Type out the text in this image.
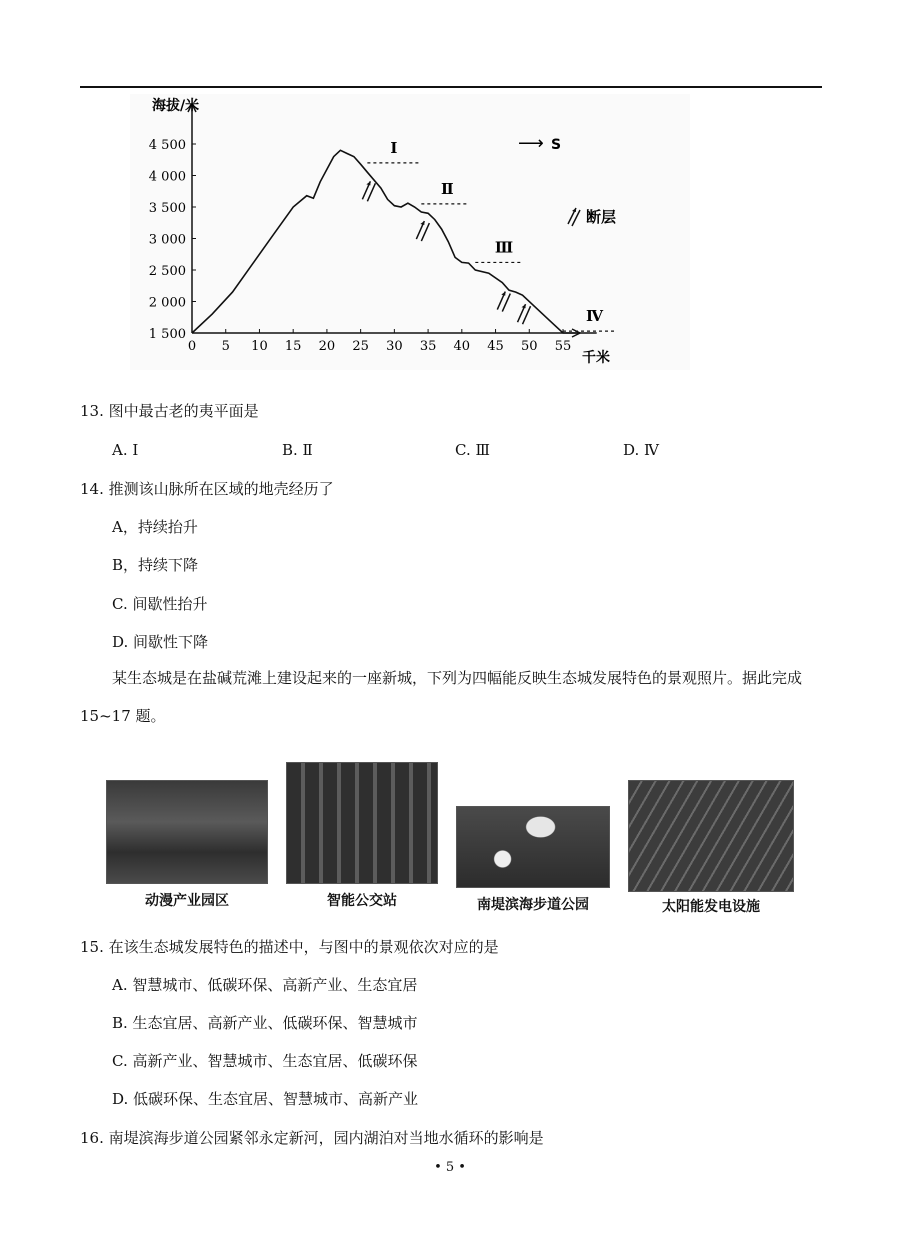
0 5 10 15 20 25 30 35 40 45 50 55
1 500
2 000
2 500
3 000
3 500
4 000
4 500	Ⅰ
Ⅱ
Ⅲ
Ⅳ
海拔/米
千米
⟶ S
断层
13. 图中最古老的夷平面是
A. Ⅰ	B. Ⅱ	C. Ⅲ	D. Ⅳ
14. 推测该山脉所在区域的地壳经历了
A，持续抬升
B，持续下降
C. 间歇性抬升
D. 间歇性下降
某生态城是在盐碱荒滩上建设起来的一座新城，下列为四幅能反映生态城发展特色的景观照片。据此完成 15~17 题。
动漫产业园区	智能公交站	南堤滨海步道公园	太阳能发电设施
15. 在该生态城发展特色的描述中，与图中的景观依次对应的是
A. 智慧城市、低碳环保、高新产业、生态宜居
B. 生态宜居、高新产业、低碳环保、智慧城市
C. 高新产业、智慧城市、生态宜居、低碳环保
D. 低碳环保、生态宜居、智慧城市、高新产业
16. 南堤滨海步道公园紧邻永定新河，园内湖泊对当地水循环的影响是
• 5 •
